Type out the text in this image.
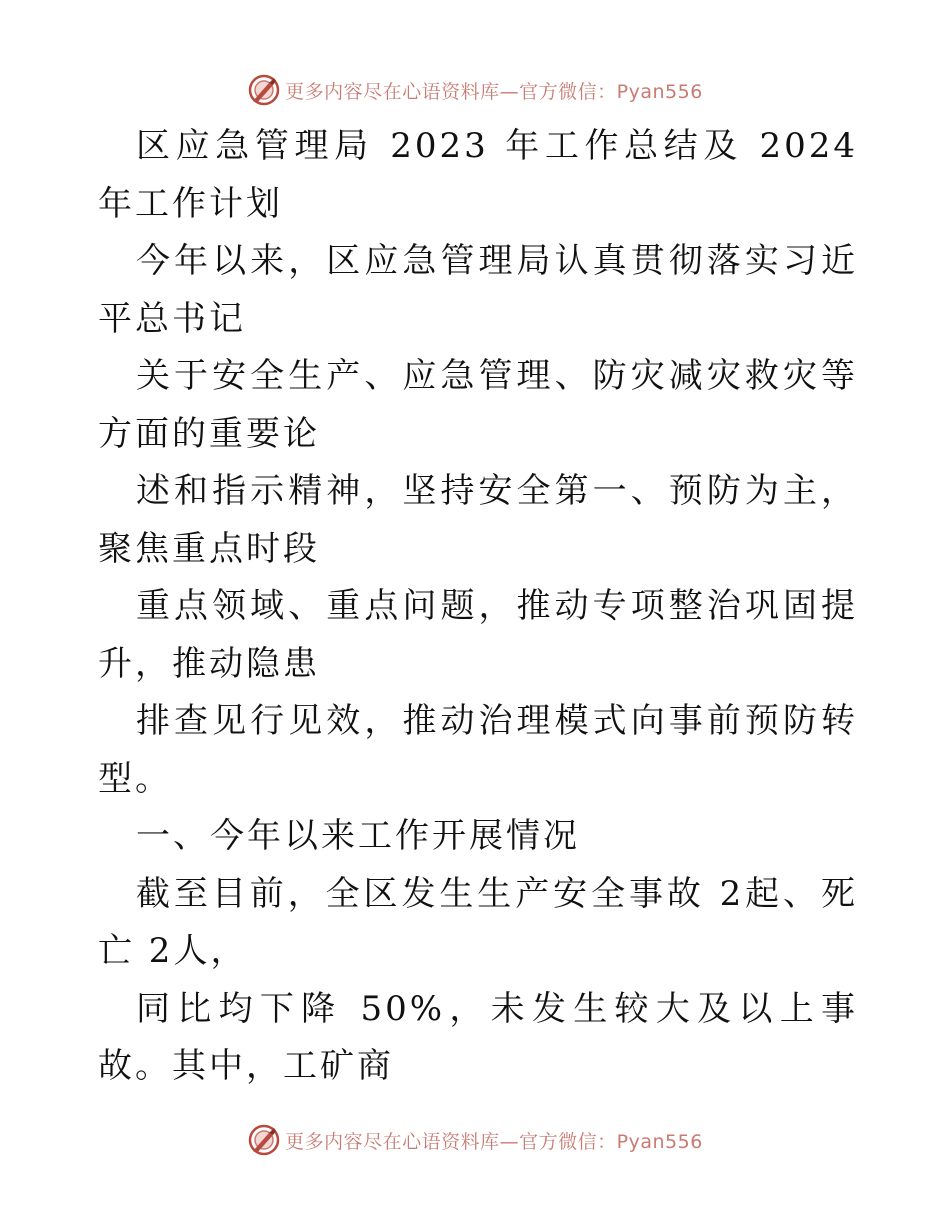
更多内容尽在心语资料库—官方微信：Pyan556

区应急管理局 2023 年工作总结及 2024 年工作计划

今年以来，区应急管理局认真贯彻落实习近平总书记

关于安全生产、应急管理、防灾减灾救灾等方面的重要论

述和指示精神，坚持安全第一、预防为主，聚焦重点时段

重点领域、重点问题，推动专项整治巩固提升，推动隐患

排查见行见效，推动治理模式向事前预防转型。

一、今年以来工作开展情况

截至目前，全区发生生产安全事故 2起、死亡 2人，

同比均下降 50%，未发生较大及以上事故。其中，工矿商

更多内容尽在心语资料库—官方微信：Pyan556
